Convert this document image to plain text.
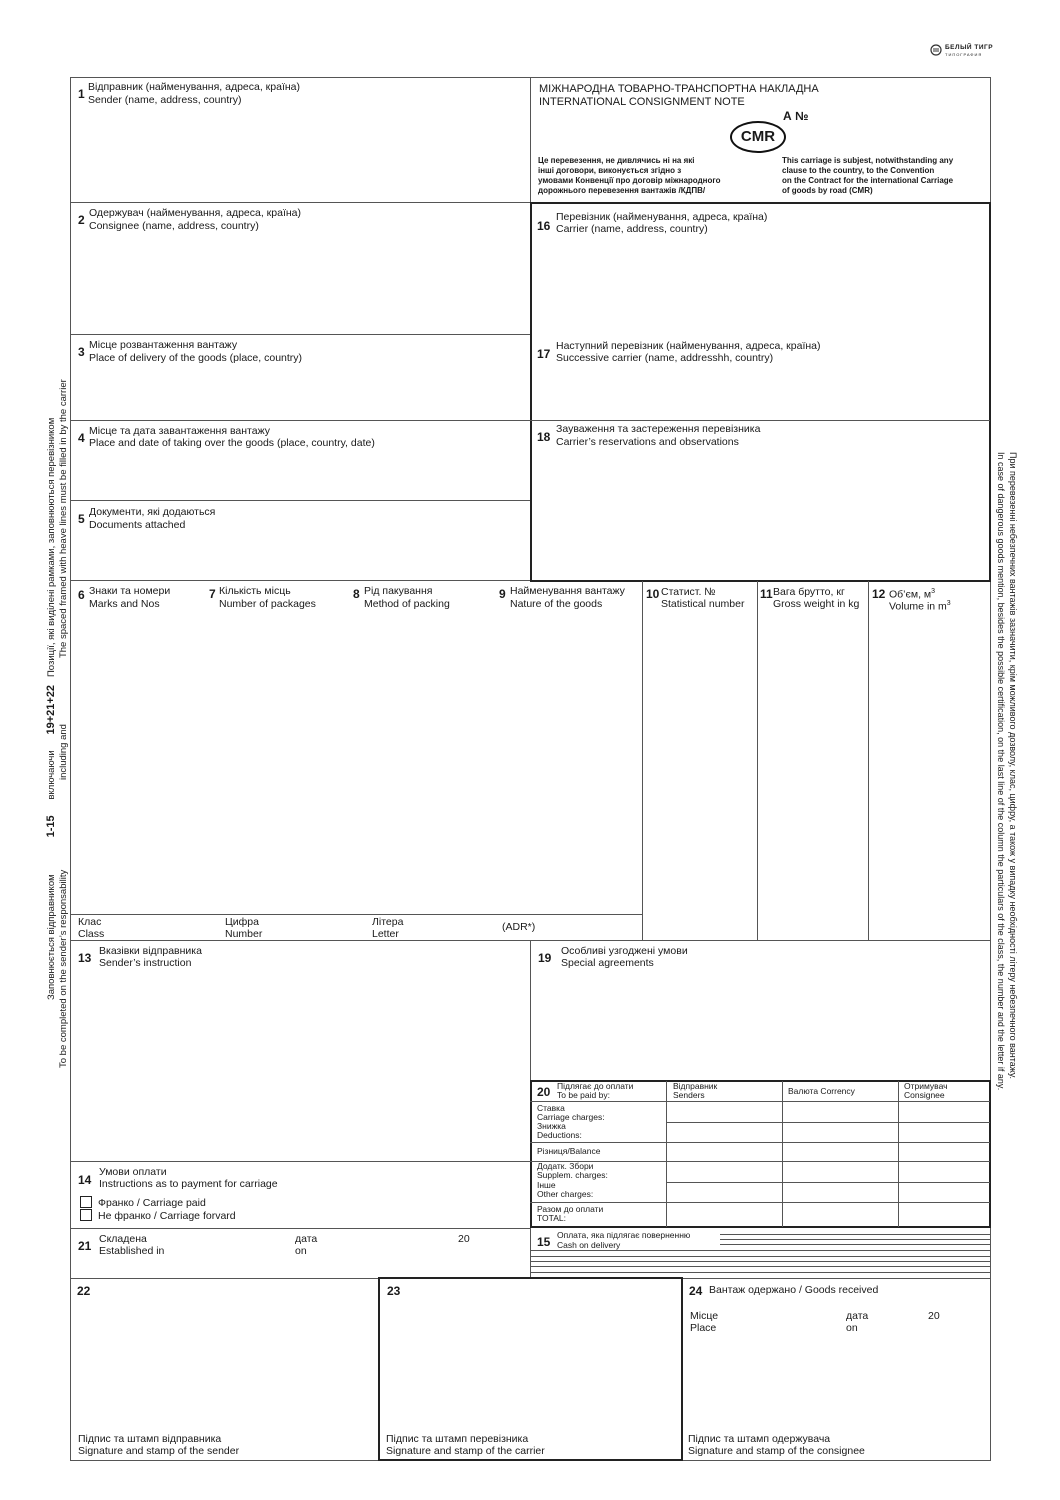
БЕЛЫЙ ТИГР
ТИПОГРАФИЯ
МІЖНАРОДНА ТОВАРНО-ТРАНСПОРТНА НАКЛАДНА
INTERNATIONAL CONSIGNMENT NOTE
А №
CMR
Це перевезення, не дивлячись ні на які
інші договори, виконується згідно з
умовами Конвенції про договір міжнародного
дорожнього перевезення вантажів /КДПВ/
This carriage is subjest, notwithstanding any
clause to the country, to the Convention
on the Contract for the international Carriage
of goods by road (CMR)
1 Відправник (найменування, адреса, країна)
Sender (name, address, country)
2 Одержувач (найменування, адреса, країна)
Consignee (name, address, country)
3 Місце розвантаження вантажу
Place of delivery of the goods (place, country)
4 Місце та дата завантаження вантажу
Place and date of taking over the goods (place, country, date)
5 Документи, які додаються
Documents attached
16
Перевізник (найменування, адреса, країна)
Carrier (name, address, country)
17
Наступний перевізник (найменування, адреса, країна)
Successive carrier (name, addresshh, country)
18
Зауваження та застереження перевізника
Carrier’s reservations and observations
6 Знаки та номери
Marks and Nos
7 Кількість місць
Number of packages
8 Рід пакування
Method of packing
9 Найменування вантажу
Nature of the goods
10 Статист. №
Statistical number
11 Вага брутто, кг
Gross weight in kg
12 Об’єм, $м^3$
Volume in $m^3$
Клас
Class
Цифра
Number
Літера
Letter
(ADR*)
13 Вказівки відправника
Sender’s instruction	19 Особливі узгоджені умови
Special agreements
20 Підлягає до оплати
To be paid by:
Відправник
Senders	Валюта Corrency	Отримувач
Consignee
Ставка
Carriage charges:
Знижка
Deductions:
Різниця/Balance
Додатк. Збори
Supplem. charges:
Інше
Other charges:
Разом до оплати
TOTAL:
14
Умови оплати
Instructions as to payment for carriage
Франко / Carriage paid
Не франко / Carriage forvard
21 Складена
Established in
дата
on
20	15 Оплата, яка підлягає поверненню
Cash on delivery
22
Підпис та штамп відправника
Signature and stamp of the sender
23
Підпис та штамп перевізника
Signature and stamp of the carrier
24 Вантаж одержано / Goods received
Місце
Place
дата
on
20
Підпис та штамп одержувача
Signature and stamp of the consignee
Заповнюється відправником              1-15      включаючи      19+21+22   Позиції, які виділені рамками, заповнюються перевізником
To be completed on the sender’s responsability                                  including and                         The spaced framed with heave lines must be filled in by the carrier	При перевезенні небезпечних вантажів зазначити, крім можливого дозволу, клас, цифру, а також у випадку необхідності літеру небезпечного вантажу.
In case of dangerous goods mention, besides the possible certification, on the last line of the column the particulars of the class, the number and the letter if any.
